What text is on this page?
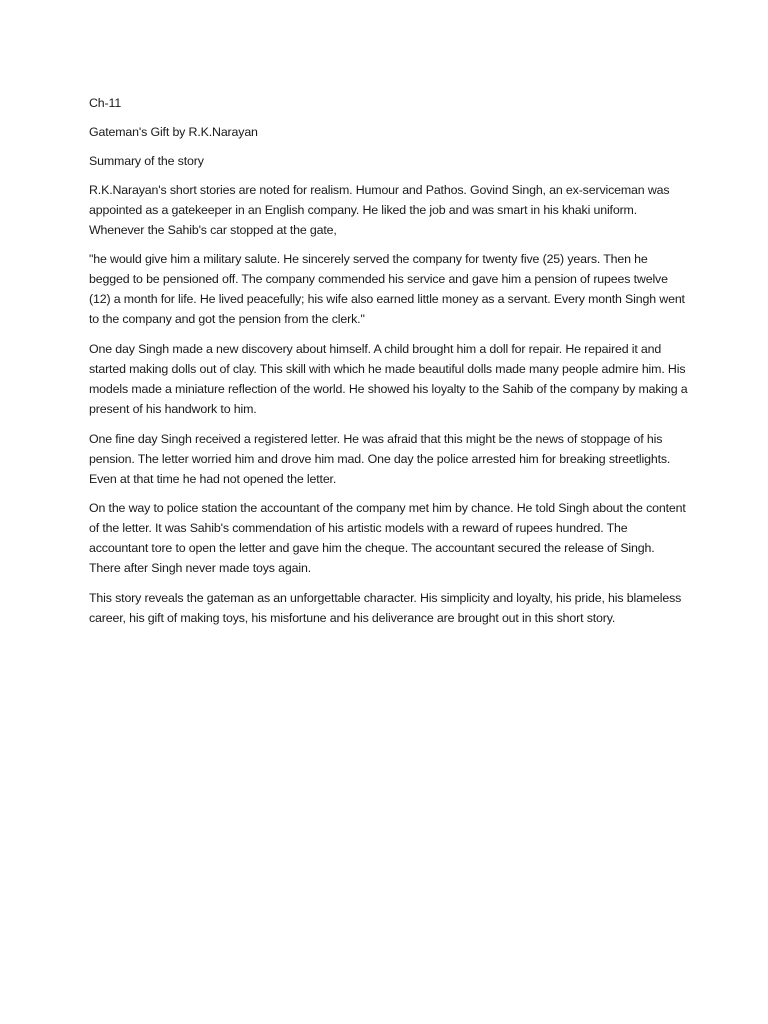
Ch-11

Gateman's Gift by R.K.Narayan

Summary of the story

R.K.Narayan's short stories are noted for realism. Humour and Pathos. Govind Singh, an ex-serviceman was appointed as a gatekeeper in an English company. He liked the job and was smart in his khaki uniform. Whenever the Sahib's car stopped at the gate,

"he would give him a military salute. He sincerely served the company for twenty five (25) years. Then he begged to be pensioned off. The company commended his service and gave him a pension of rupees twelve (12) a month for life. He lived peacefully; his wife also earned little money as a servant. Every month Singh went to the company and got the pension from the clerk."

One day Singh made a new discovery about himself. A child brought him a doll for repair. He repaired it and started making dolls out of clay. This skill with which he made beautiful dolls made many people admire him. His models made a miniature reflection of the world. He showed his loyalty to the Sahib of the company by making a present of his handwork to him.

One fine day Singh received a registered letter. He was afraid that this might be the news of stoppage of his pension. The letter worried him and drove him mad. One day the police arrested him for breaking streetlights. Even at that time he had not opened the letter.

On the way to police station the accountant of the company met him by chance. He told Singh about the content of the letter. It was Sahib's commendation of his artistic models with a reward of rupees hundred. The accountant tore to open the letter and gave him the cheque. The accountant secured the release of Singh. There after Singh never made toys again.

This story reveals the gateman as an unforgettable character. His simplicity and loyalty, his pride, his blameless career, his gift of making toys, his misfortune and his deliverance are brought out in this short story.
